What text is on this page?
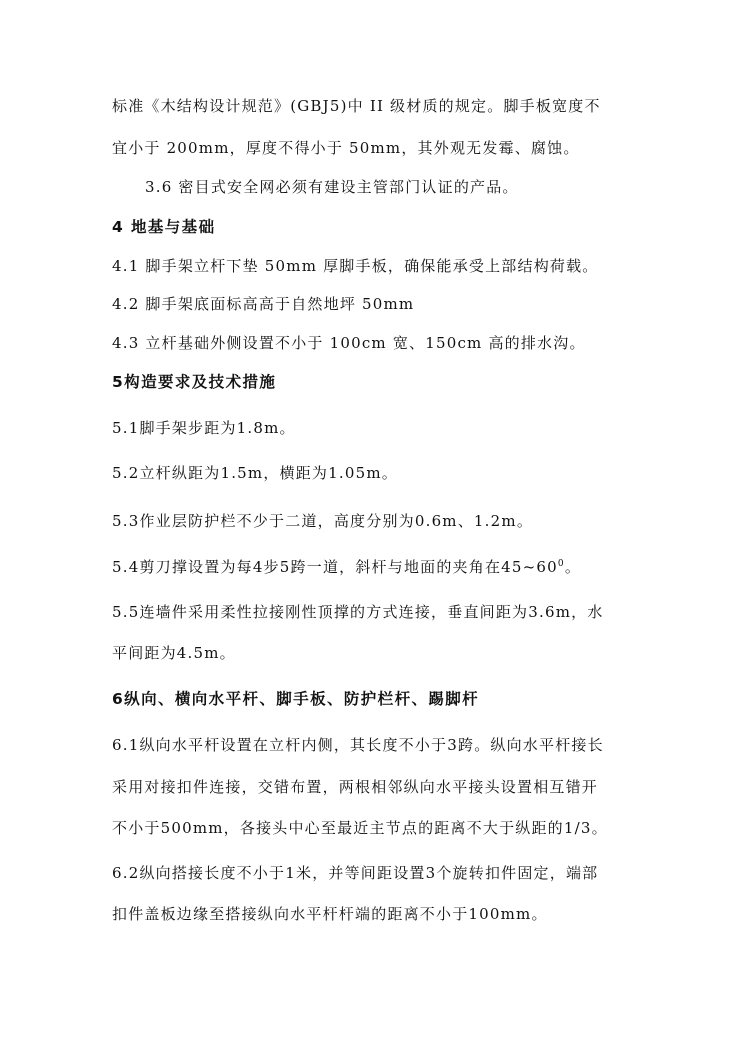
标准《木结构设计规范》(GBJ5)中 II 级材质的规定。脚手板宽度不
宜小于 200mm，厚度不得小于 50mm，其外观无发霉、腐蚀。
3.6 密目式安全网必须有建设主管部门认证的产品。
4 地基与基础
4.1 脚手架立杆下垫 50mm 厚脚手板，确保能承受上部结构荷载。
4.2 脚手架底面标高高于自然地坪 50mm
4.3 立杆基础外侧设置不小于 100cm 宽、150cm 高的排水沟。
5构造要求及技术措施
5.1脚手架步距为1.8m。
5.2立杆纵距为1.5m，横距为1.05m。
5.3作业层防护栏不少于二道，高度分别为0.6m、1.2m。
5.4剪刀撑设置为每4步5跨一道，斜杆与地面的夹角在$45\sim 60^0$。
5.5连墙件采用柔性拉接刚性顶撑的方式连接，垂直间距为3.6m，水
平间距为4.5m。
6纵向、横向水平杆、脚手板、防护栏杆、踢脚杆
6.1纵向水平杆设置在立杆内侧，其长度不小于3跨。纵向水平杆接长
采用对接扣件连接，交错布置，两根相邻纵向水平接头设置相互错开
不小于500mm，各接头中心至最近主节点的距离不大于纵距的1/3。
6.2纵向搭接长度不小于1米，并等间距设置3个旋转扣件固定，端部
扣件盖板边缘至搭接纵向水平杆杆端的距离不小于100mm。
